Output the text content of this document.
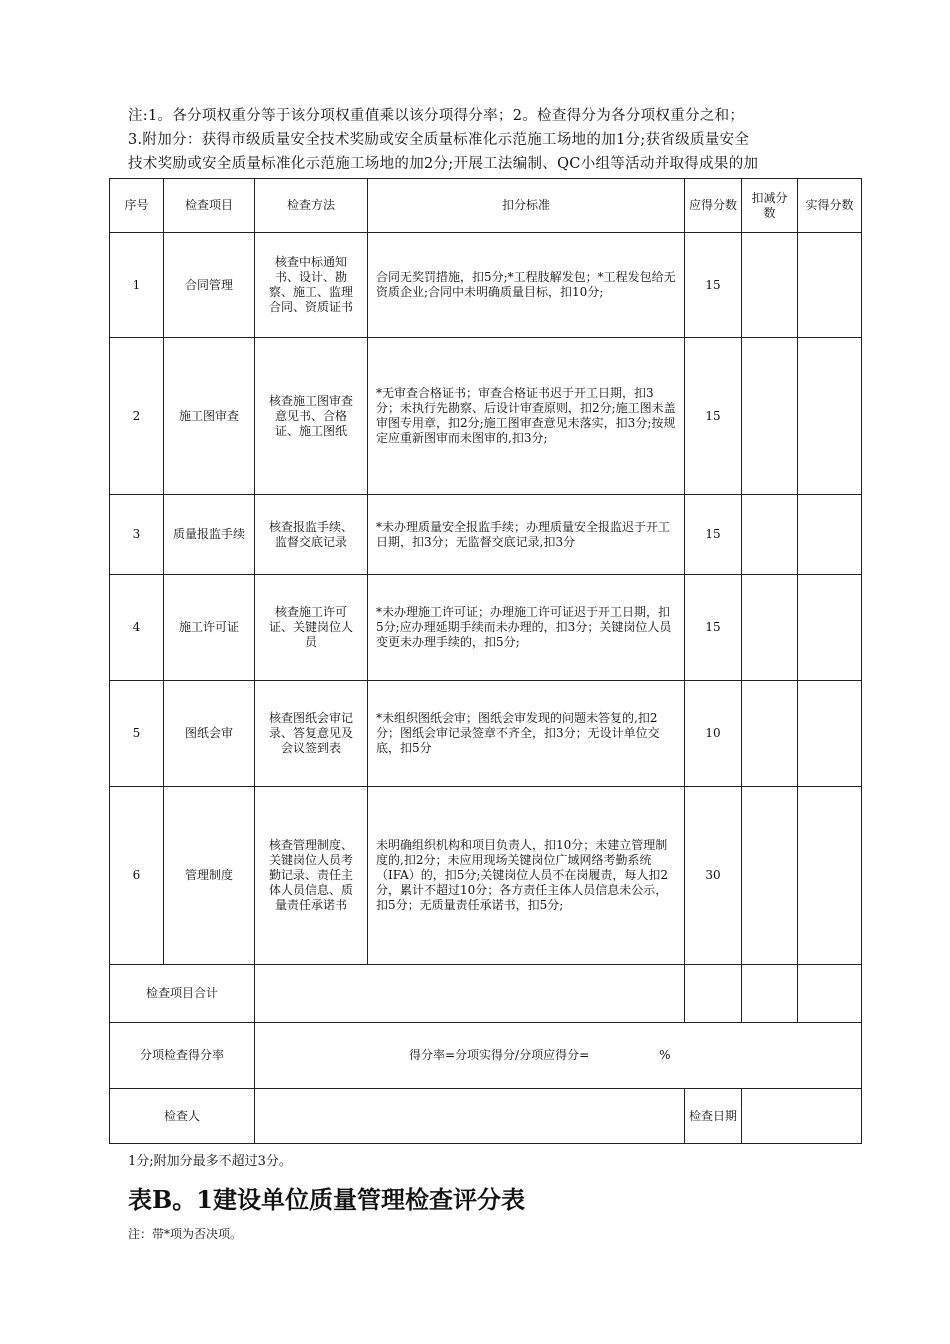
注:1。各分项权重分等于该分项权重值乘以该分项得分率；2。检查得分为各分项权重分之和；
3.附加分：获得市级质量安全技术奖励或安全质量标准化示范施工场地的加1分;获省级质量安全
技术奖励或安全质量标准化示范施工场地的加2分;开展工法编制、QC小组等活动并取得成果的加
序号	检查项目	检查方法	扣分标准	应得分数	扣减分数	实得分数
1	合同管理	核查中标通知书、设计、勘察、施工、监理合同、资质证书	合同无奖罚措施，扣5分;*工程肢解发包；*工程发包给无资质企业;合同中未明确质量目标，扣10分;	15		
2	施工图审查	核查施工图审查意见书、合格证、施工图纸	*无审查合格证书；审查合格证书迟于开工日期，扣3分；未执行先勘察、后设计审查原则，扣2分;施工图未盖审图专用章，扣2分;施工图审查意见未落实，扣3分;按规定应重新图审而未图审的,扣3分;	15		
3	质量报监手续	核查报监手续、监督交底记录	*未办理质量安全报监手续；办理质量安全报监迟于开工日期，扣3分；无监督交底记录,扣3分	15		
4	施工许可证	核查施工许可证、关键岗位人员	*未办理施工许可证；办理施工许可证迟于开工日期，扣5分;应办理延期手续而未办理的，扣3分；关键岗位人员变更未办理手续的，扣5分;	15		
5	图纸会审	核查图纸会审记录、答复意见及会议签到表	*未组织图纸会审；图纸会审发现的问题未答复的,扣2分；图纸会审记录签章不齐全，扣3分；无设计单位交底，扣5分	10		
6	管理制度	核查管理制度、关键岗位人员考勤记录、责任主体人员信息、质量责任承诺书	未明确组织机构和项目负责人，扣10分；未建立管理制度的,扣2分；未应用现场关键岗位广域网络考勤系统（IFA）的，扣5分;关键岗位人员不在岗履责，每人扣2分，累计不超过10分；各方责任主体人员信息未公示，扣5分；无质量责任承诺书，扣5分;	30		
检查项目合计						
分项检查得分率		得分率=分项实得分/分项应得分= %				
检查人				检查日期		
1分;附加分最多不超过3分。
表B。1建设单位质量管理检查评分表
注：带*项为否决项。
